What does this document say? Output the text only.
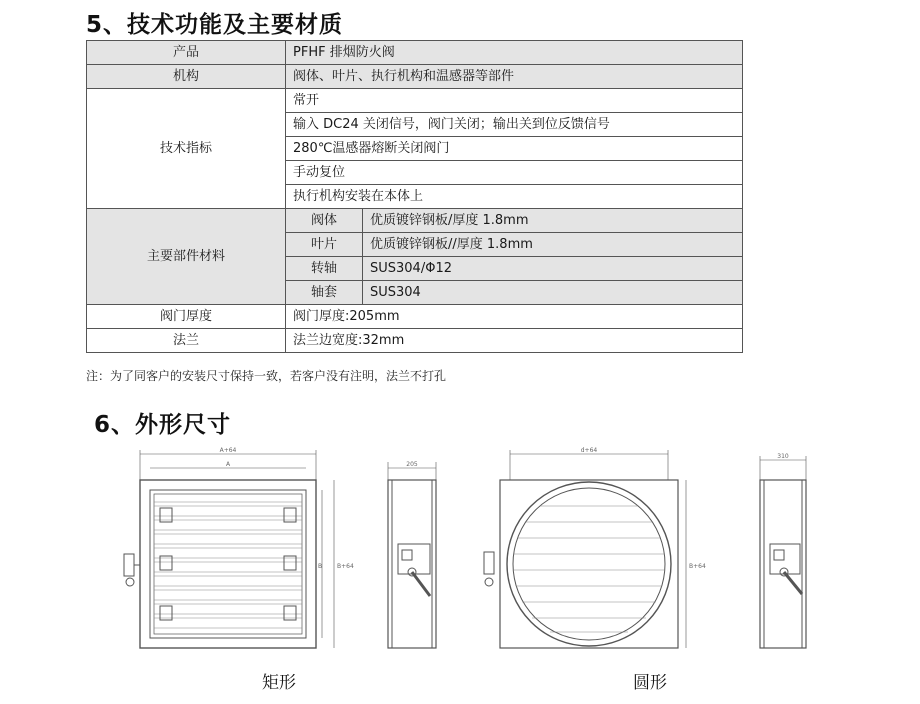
5、技术功能及主要材质
产品	PFHF 排烟防火阀	
机构	阀体、叶片、执行机构和温感器等部件	
技术指标	常开	
	输入 DC24 关闭信号，阀门关闭；输出关到位反馈信号	
	280℃温感器熔断关闭阀门	
	手动复位	
	执行机构安装在本体上	
主要部件材料	阀体	优质镀锌钢板/厚度 1.8mm
	叶片	优质镀锌钢板//厚度 1.8mm
	转轴	SUS304/Φ12
	轴套	SUS304
阀门厚度	阀门厚度:205mm	
法兰	法兰边宽度:32mm	
注：为了同客户的安装尺寸保持一致，若客户没有注明，法兰不打孔
6、外形尺寸
A+64
A
B B+64
205
d+64
B+64
310
矩形	圆形
